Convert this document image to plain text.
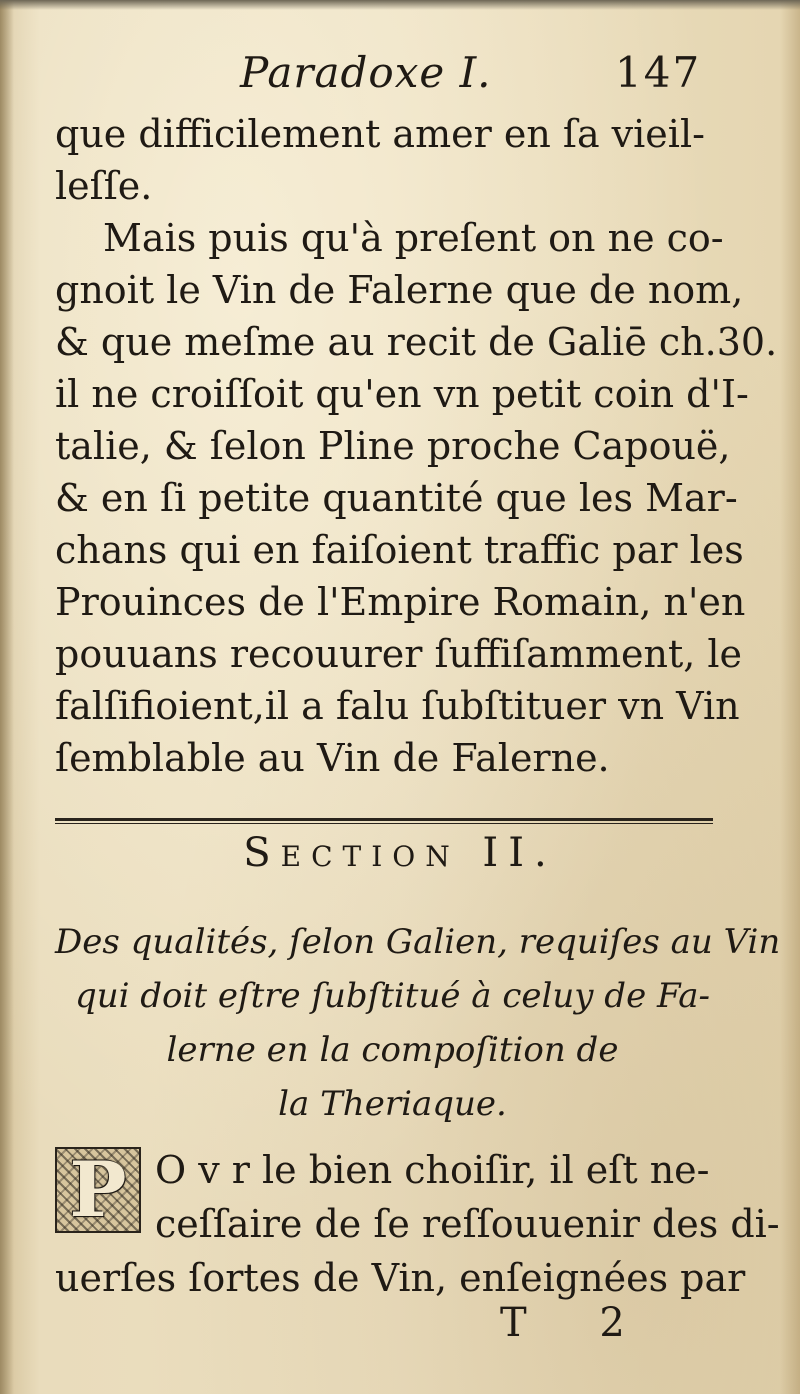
Paradoxe I.	147
que difficilement amer en ſa vieil-
leſſe.
Mais puis qu'à preſent on ne co-
gnoit le Vin de Falerne que de nom,
& que meſme au recit de Galiē ch.30.
il ne croiſſoit qu'en vn petit coin d'I-
talie, & ſelon Pline proche Capouë,
& en ſi petite quantité que les Mar-
chans qui en faiſoient traffic par les
Prouinces de l'Empire Romain, n'en
pouuans recouurer ſuffiſamment, le
falſifioient,il a falu ſubſtituer vn Vin
ſemblable au Vin de Falerne.
Section II.
Des qualités, ſelon Galien, requiſes au Vin
qui doit eſtre ſubſtitué à celuy de Fa-
lerne en la compoſition de
la Theriaque.
P O v r le bien choiſir, il eſt ne-
ceſſaire de ſe reſſouuenir des di-
uerſes ſortes de Vin, enſeignées par
T 2
